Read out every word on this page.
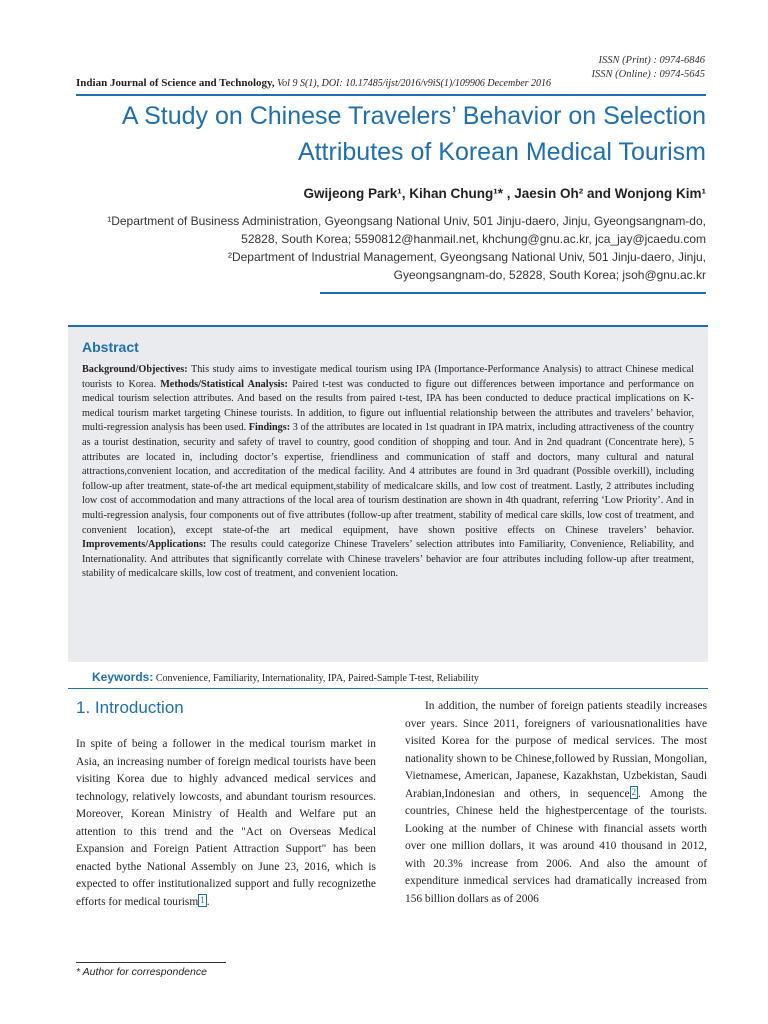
ISSN (Print) : 0974-6846
ISSN (Online) : 0974-5645
Indian Journal of Science and Technology, Vol 9 S(1), DOI: 10.17485/ijst/2016/v9iS(1)/109906 December 2016
A Study on Chinese Travelers’ Behavior on Selection
Attributes of Korean Medical Tourism
Gwijeong Park¹, Kihan Chung¹* , Jaesin Oh² and Wonjong Kim¹
¹Department of Business Administration, Gyeongsang National Univ, 501 Jinju-daero, Jinju, Gyeongsangnam-do,
52828, South Korea; 5590812@hanmail.net, khchung@gnu.ac.kr, jca_jay@jcaedu.com
²Department of Industrial Management, Gyeongsang National Univ, 501 Jinju-daero, Jinju,
Gyeongsangnam-do, 52828, South Korea; jsoh@gnu.ac.kr
Abstract

Background/Objectives: This study aims to investigate medical tourism using IPA (Importance-Performance Analysis) to attract Chinese medical tourists to Korea. Methods/Statistical Analysis: Paired t-test was conducted to figure out differences between importance and performance on medical tourism selection attributes. And based on the results from paired t-test, IPA has been conducted to deduce practical implications on K-medical tourism market targeting Chinese tourists. In addition, to figure out influential relationship between the attributes and travelers’ behavior, multi-regression analysis has been used. Findings: 3 of the attributes are located in 1st quadrant in IPA matrix, including attractiveness of the country as a tourist destination, security and safety of travel to country, good condition of shopping and tour. And in 2nd quadrant (Concentrate here), 5 attributes are located in, including doctor’s expertise, friendliness and communication of staff and doctors, many cultural and natural attractions,convenient location, and accreditation of the medical facility. And 4 attributes are found in 3rd quadrant (Possible overkill), including follow-up after treatment, state-of-the art medical equipment,stability of medicalcare skills, and low cost of treatment. Lastly, 2 attributes including low cost of accommodation and many attractions of the local area of tourism destination are shown in 4th quadrant, referring ‘Low Priority’. And in multi-regression analysis, four components out of five attributes (follow-up after treatment, stability of medical care skills, low cost of treatment, and convenient location), except state-of-the art medical equipment, have shown positive effects on Chinese travelers’ behavior. Improvements/Applications: The results could categorize Chinese Travelers’ selection attributes into Familiarity, Convenience, Reliability, and Internationality. And attributes that significantly correlate with Chinese travelers’ behavior are four attributes including follow-up after treatment, stability of medicalcare skills, low cost of treatment, and convenient location.

Keywords: Convenience, Familiarity, Internationality, IPA, Paired-Sample T-test, Reliability
1. Introduction

In spite of being a follower in the medical tourism market in Asia, an increasing number of foreign medical tourists have been visiting Korea due to highly advanced medical services and technology, relatively lowcosts, and abundant tourism resources. Moreover, Korean Ministry of Health and Welfare put an attention to this trend and the "Act on Overseas Medical Expansion and Foreign Patient Attraction Support" has been enacted bythe National Assembly on June 23, 2016, which is expected to offer institutionalized support and fully recognizethe efforts for medical tourism 1 .

In addition, the number of foreign patients steadily increases over years. Since 2011, foreigners of variousnationalities have visited Korea for the purpose of medical services. The most nationality shown to be Chinese,followed by Russian, Mongolian, Vietnamese, American, Japanese, Kazakhstan, Uzbekistan, Saudi Arabian,Indonesian and others, in sequence 2 . Among the countries, Chinese held the highestpercentage of the tourists. Looking at the number of Chinese with financial assets worth over one million dollars, it was around 410 thousand in 2012, with 20.3% increase from 2006. And also the amount of expenditure inmedical services had dramatically increased from 156 billion dollars as of 2006

* Author for correspondence
